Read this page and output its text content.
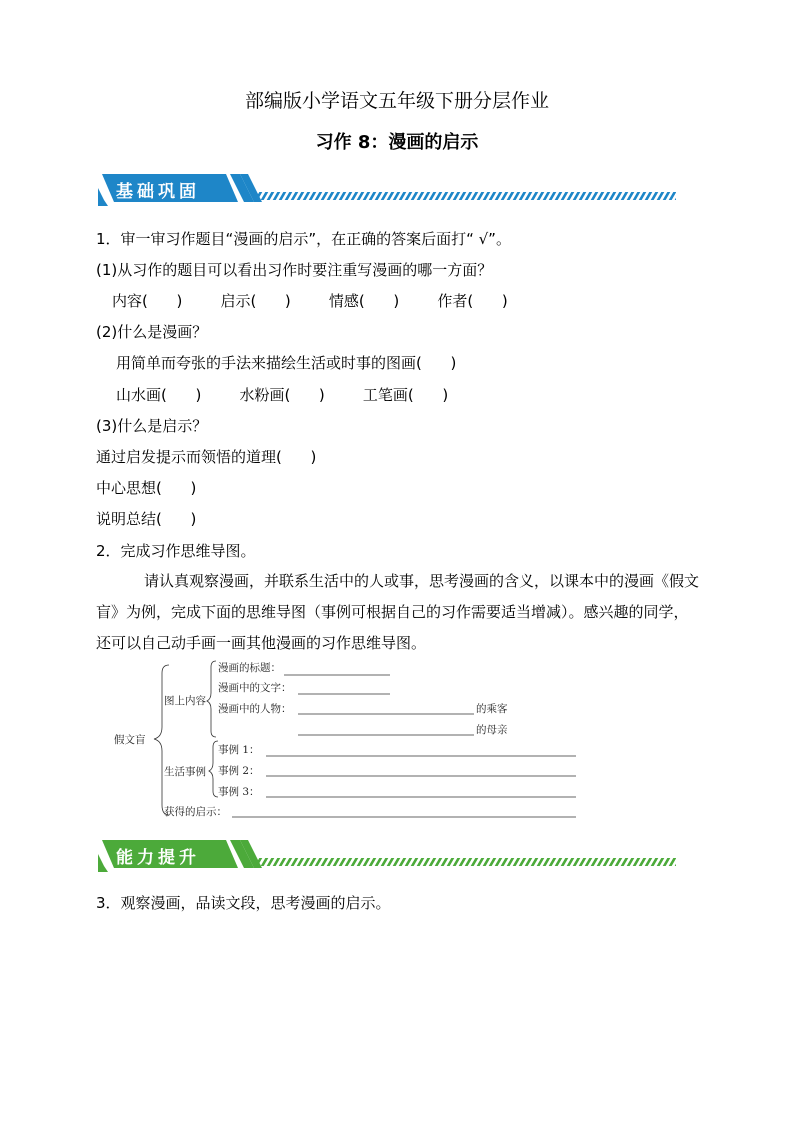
部编版小学语文五年级下册分层作业
习作 8：漫画的启示
基础巩固
1．审一审习作题目“漫画的启示”，在正确的答案后面打“ √”。
(1)从习作的题目可以看出习作时要注重写漫画的哪一方面？
内容(      )        启示(      )        情感(      )        作者(      )
(2)什么是漫画？
用简单而夸张的手法来描绘生活或时事的图画(      )
山水画(      )        水粉画(      )        工笔画(      )
(3)什么是启示？
通过启发提示而领悟的道理(      )
中心思想(      )
说明总结(      )
2．完成习作思维导图。
请认真观察漫画，并联系生活中的人或事，思考漫画的含义，以课本中的漫画《假文盲》为例，完成下面的思维导图（事例可根据自己的习作需要适当增减）。感兴趣的同学，还可以自己动手画一画其他漫画的习作思维导图。
假文盲
图上内容
漫画的标题：
漫画中的文字：
漫画中的人物：	的乘客
的母亲
生活事例
事例 1：
事例 2：
事例 3：
获得的启示：
能力提升
3．观察漫画，品读文段，思考漫画的启示。
